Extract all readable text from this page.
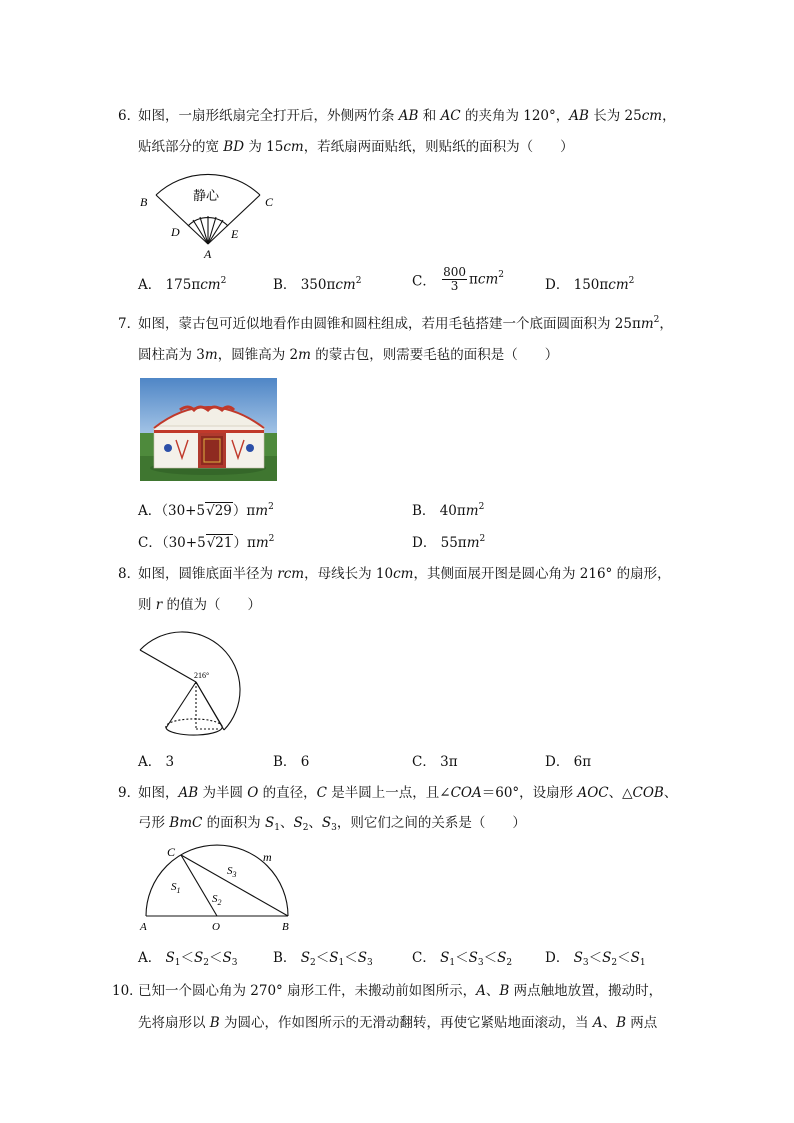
6．
如图，一扇形纸扇完全打开后，外侧两竹条 AB 和 AC 的夹角为 120°，AB 长为 25cm，
贴纸部分的宽 BD 为 15cm，若纸扇两面贴纸，则贴纸的面积为（　　）
B	C
D	E
A
静心
A． 175πcm$^2$	B． 350πcm$^2$	C． $\frac{800}{3} \pi cm^2$
D． 150πcm$^2$
7．
如图，蒙古包可近似地看作由圆锥和圆柱组成，若用毛毡搭建一个底面圆面积为 $25\pi m^2$，
圆柱高为 3m，圆锥高为 2m 的蒙古包，则需要毛毡的面积是（　　）
A．$(30+5√29)\pi m^2$	B． $40\pi m^2$
C．$(30+5√21)\pi m^2$	D． $55\pi m^2$
8．
如图，圆锥底面半径为 rcm，母线长为 10cm，其侧面展开图是圆心角为 216° 的扇形，
则 r 的值为（　　）
216°
A． 3	B． 6	C． 3π	D． 6π
9．
如图，AB 为半圆 O 的直径，C 是半圆上一点，且∠COA＝60°，设扇形 AOC、△COB、
弓形 BmC 的面积为 $S_1$、$S_2$、$S_3$，则它们之间的关系是（　　）
C	m
$S_3$
$S_1$
$S_2$
A	O	B
A． $S_1<S_2<S_3$	B． $S_2<S_1<S_3$	C． $S_1<S_3<S_2$ D． $S_3<S_2<S_1$
10．
已知一个圆心角为 270° 扇形工件，未搬动前如图所示，A、B 两点触地放置，搬动时，
先将扇形以 B 为圆心，作如图所示的无滑动翻转，再使它紧贴地面滚动，当 A、B 两点
